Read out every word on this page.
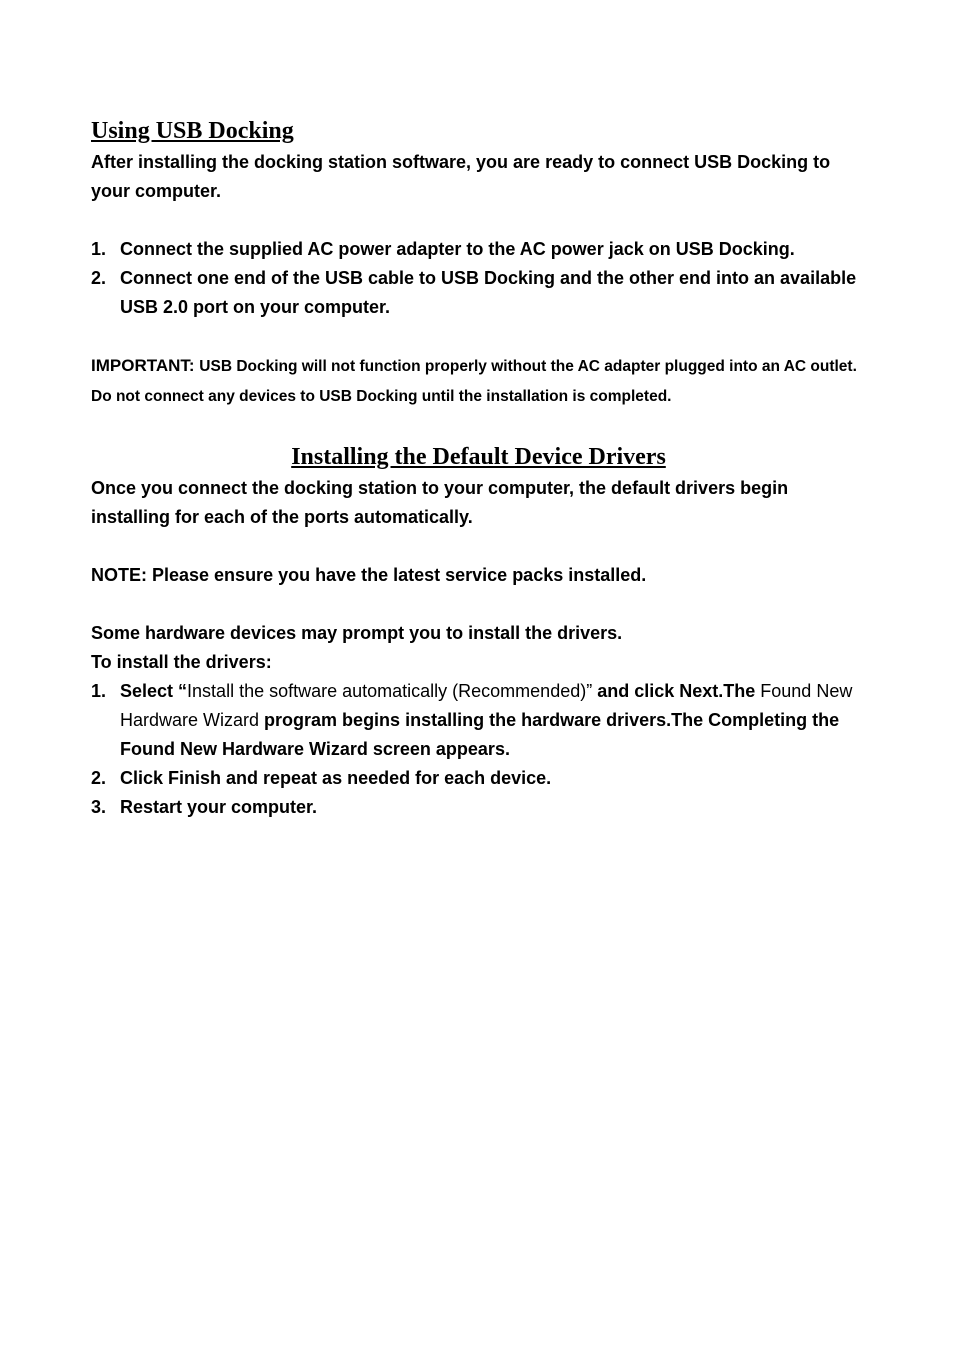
Using USB Docking

After installing the docking station software, you are ready to connect USB Docking to your computer.

1. Connect the supplied AC power adapter to the AC power jack on USB Docking.
2. Connect one end of the USB cable to USB Docking and the other end into an available USB 2.0 port on your computer.

IMPORTANT: USB Docking will not function properly without the AC adapter plugged into an AC outlet. Do not connect any devices to USB Docking until the installation is completed.

Installing the Default Device Drivers

Once you connect the docking station to your computer, the default drivers begin installing for each of the ports automatically.

NOTE: Please ensure you have the latest service packs installed.

Some hardware devices may prompt you to install the drivers.

To install the drivers:

1. Select “Install the software automatically (Recommended)” and click Next.The Found New Hardware Wizard program begins installing the hardware drivers.The Completing the Found New Hardware Wizard screen appears.
2. Click Finish and repeat as needed for each device.
3. Restart your computer.
